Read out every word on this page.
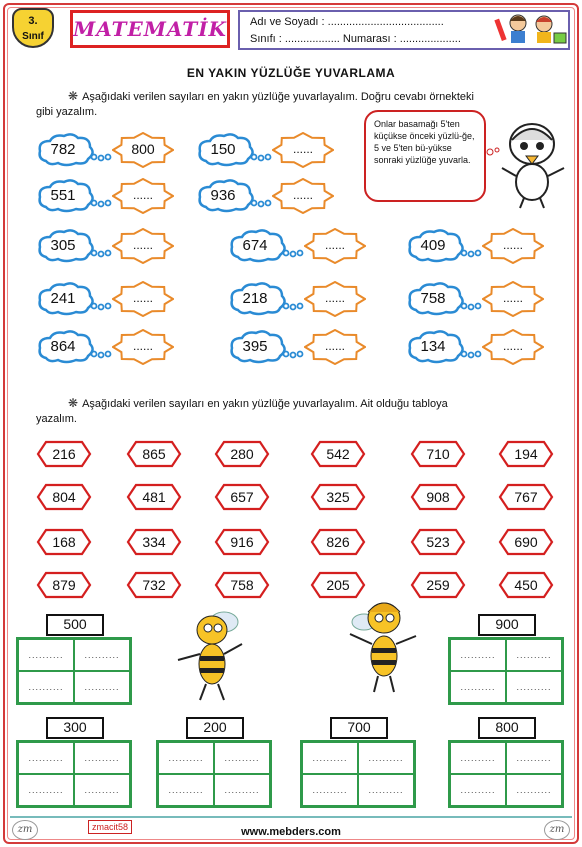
3.
Sınıf	MATEMATİK Adı ve Soyadı : ......................................
Sınıfı : .................. Numarası : ....................
EN YAKIN YÜZLÜĞE YUVARLAMA
❋ Aşağıdaki verilen sayıları en yakın yüzlüğe yuvarlayalım. Doğru cevabı örnekteki
gibi yazalım.
Onlar basamağı 5'ten küçükse önceki yüzlü-ğe, 5 ve 5'ten bü-yükse sonraki yüzlüğe yuvarla.
782	800	150	......
551	......	936	......
305	......	674	......	409	......
241	......	218	......	758	......
864	......	395	......	134	......
❋ Aşağıdaki verilen sayıları en yakın yüzlüğe yuvarlayalım. Ait olduğu tabloya
yazalım.
216	865	280	542	710	194
804	481	657	325	908	767
168	334	916	826	523	690
879	732	758	205	259	450
500
..........	..........
..........	..........
900
..........	..........
..........	..........
300
..........	..........
..........	..........
200
..........	..........
..........	..........
700
..........	..........
..........	..........
800
..........	..........
..........	..........
zm	zmacit58	www.mebders.com	zm
